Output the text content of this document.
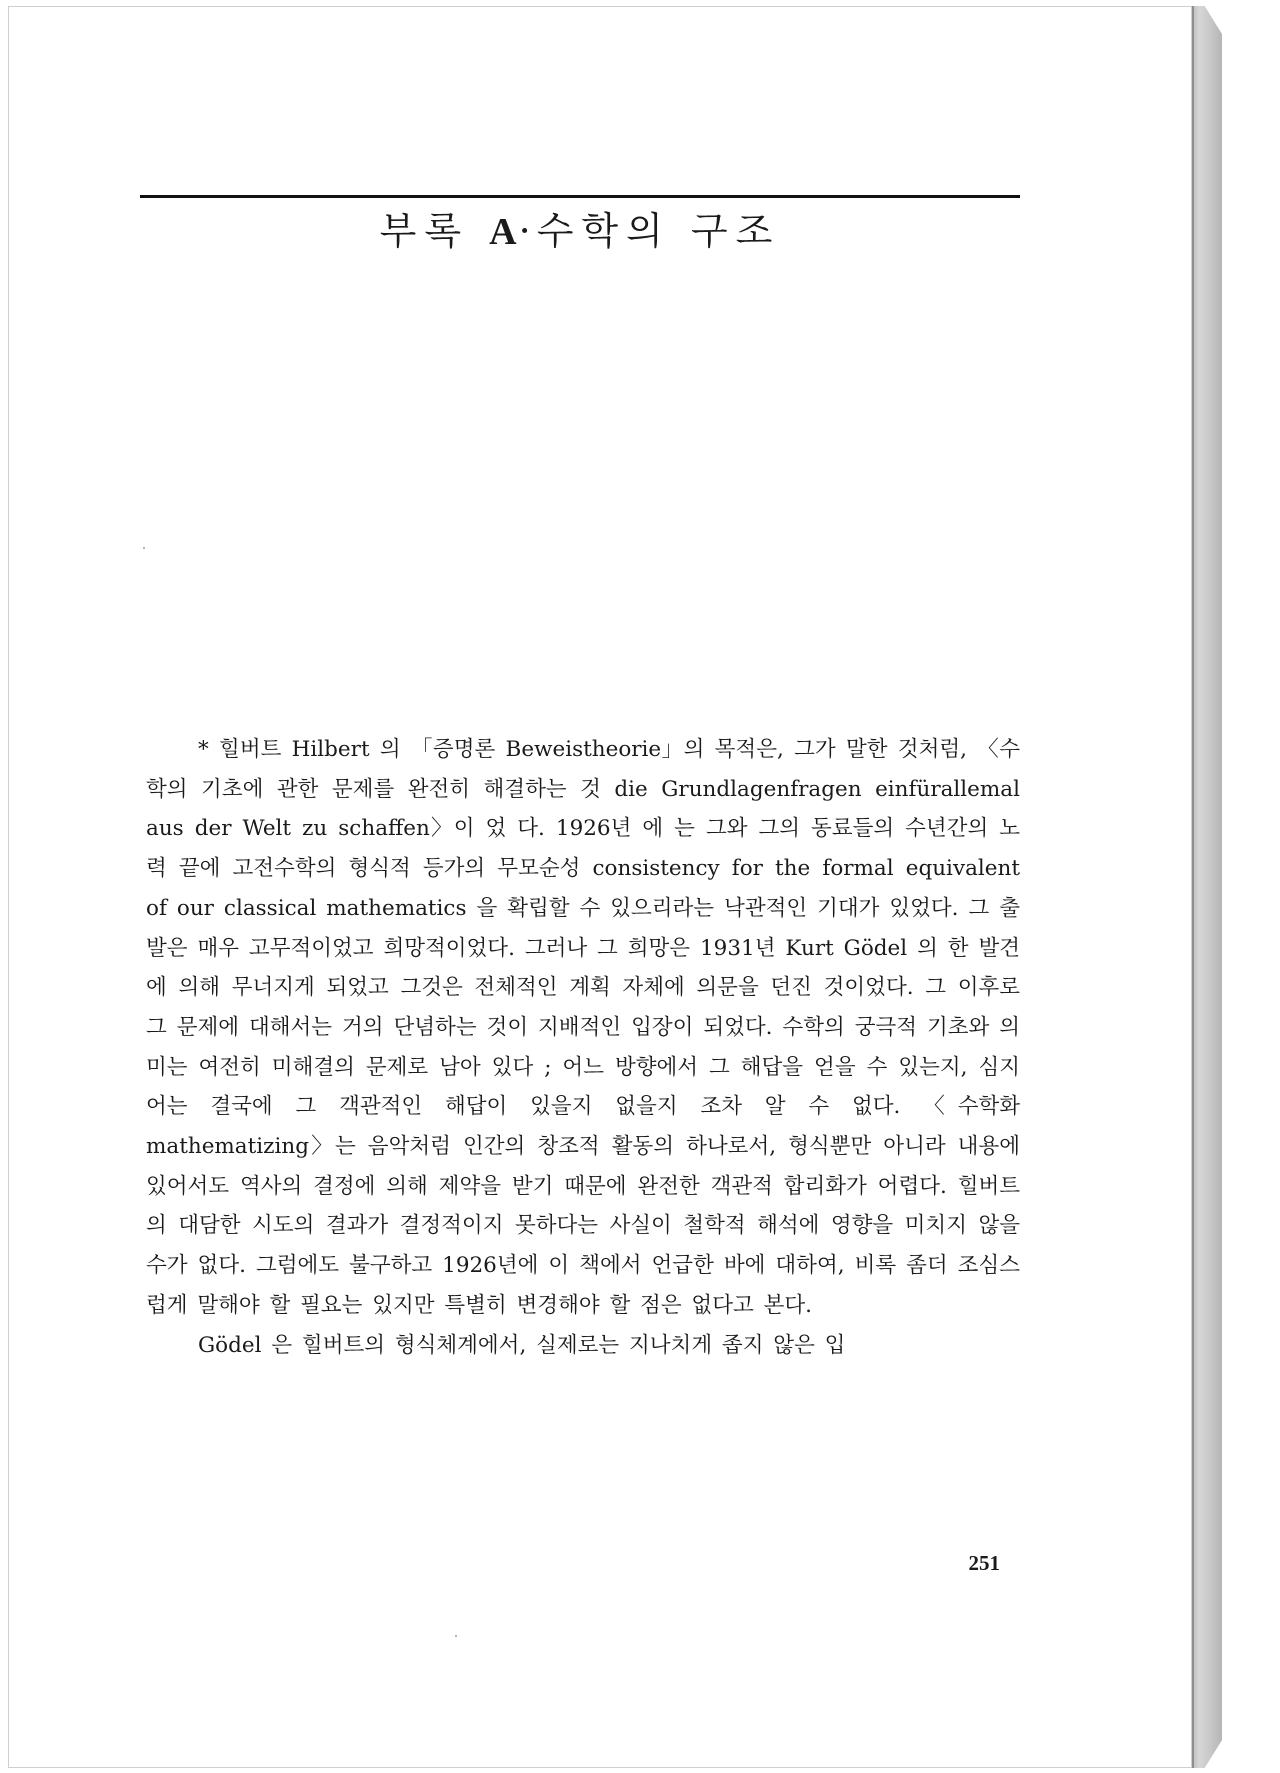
부록 A·수학의 구조

* 힐버트 Hilbert 의 「증명론 Beweistheorie」의 목적은, 그가 말한 것처럼, 〈수학의 기초에 관한 문제를 완전히 해결하는 것 die Grundlagenfragen einfürallemal aus der Welt zu schaffen〉이 었 다. 1926년 에 는 그와 그의 동료들의 수년간의 노력 끝에 고전수학의 형식적 등가의 무모순성 consistency for the formal equivalent of our classical mathematics 을 확립할 수 있으리라는 낙관적인 기대가 있었다. 그 출발은 매우 고무적이었고 희망적이었다. 그러나 그 희망은 1931년 Kurt Gödel 의 한 발견에 의해 무너지게 되었고 그것은 전체적인 계획 자체에 의문을 던진 것이었다. 그 이후로 그 문제에 대해서는 거의 단념하는 것이 지배적인 입장이 되었다. 수학의 궁극적 기초와 의미는 여전히 미해결의 문제로 남아 있다 ; 어느 방향에서 그 해답을 얻을 수 있는지, 심지어는 결국에 그 객관적인 해답이 있을지 없을지 조차 알 수 없다. 〈수학화 mathematizing〉는 음악처럼 인간의 창조적 활동의 하나로서, 형식뿐만 아니라 내용에 있어서도 역사의 결정에 의해 제약을 받기 때문에 완전한 객관적 합리화가 어렵다. 힐버트의 대담한 시도의 결과가 결정적이지 못하다는 사실이 철학적 해석에 영향을 미치지 않을 수가 없다. 그럼에도 불구하고 1926년에 이 책에서 언급한 바에 대하여, 비록 좀더 조심스럽게 말해야 할 필요는 있지만 특별히 변경해야 할 점은 없다고 본다.

Gödel 은 힐버트의 형식체계에서, 실제로는 지나치게 좁지 않은 입

251
